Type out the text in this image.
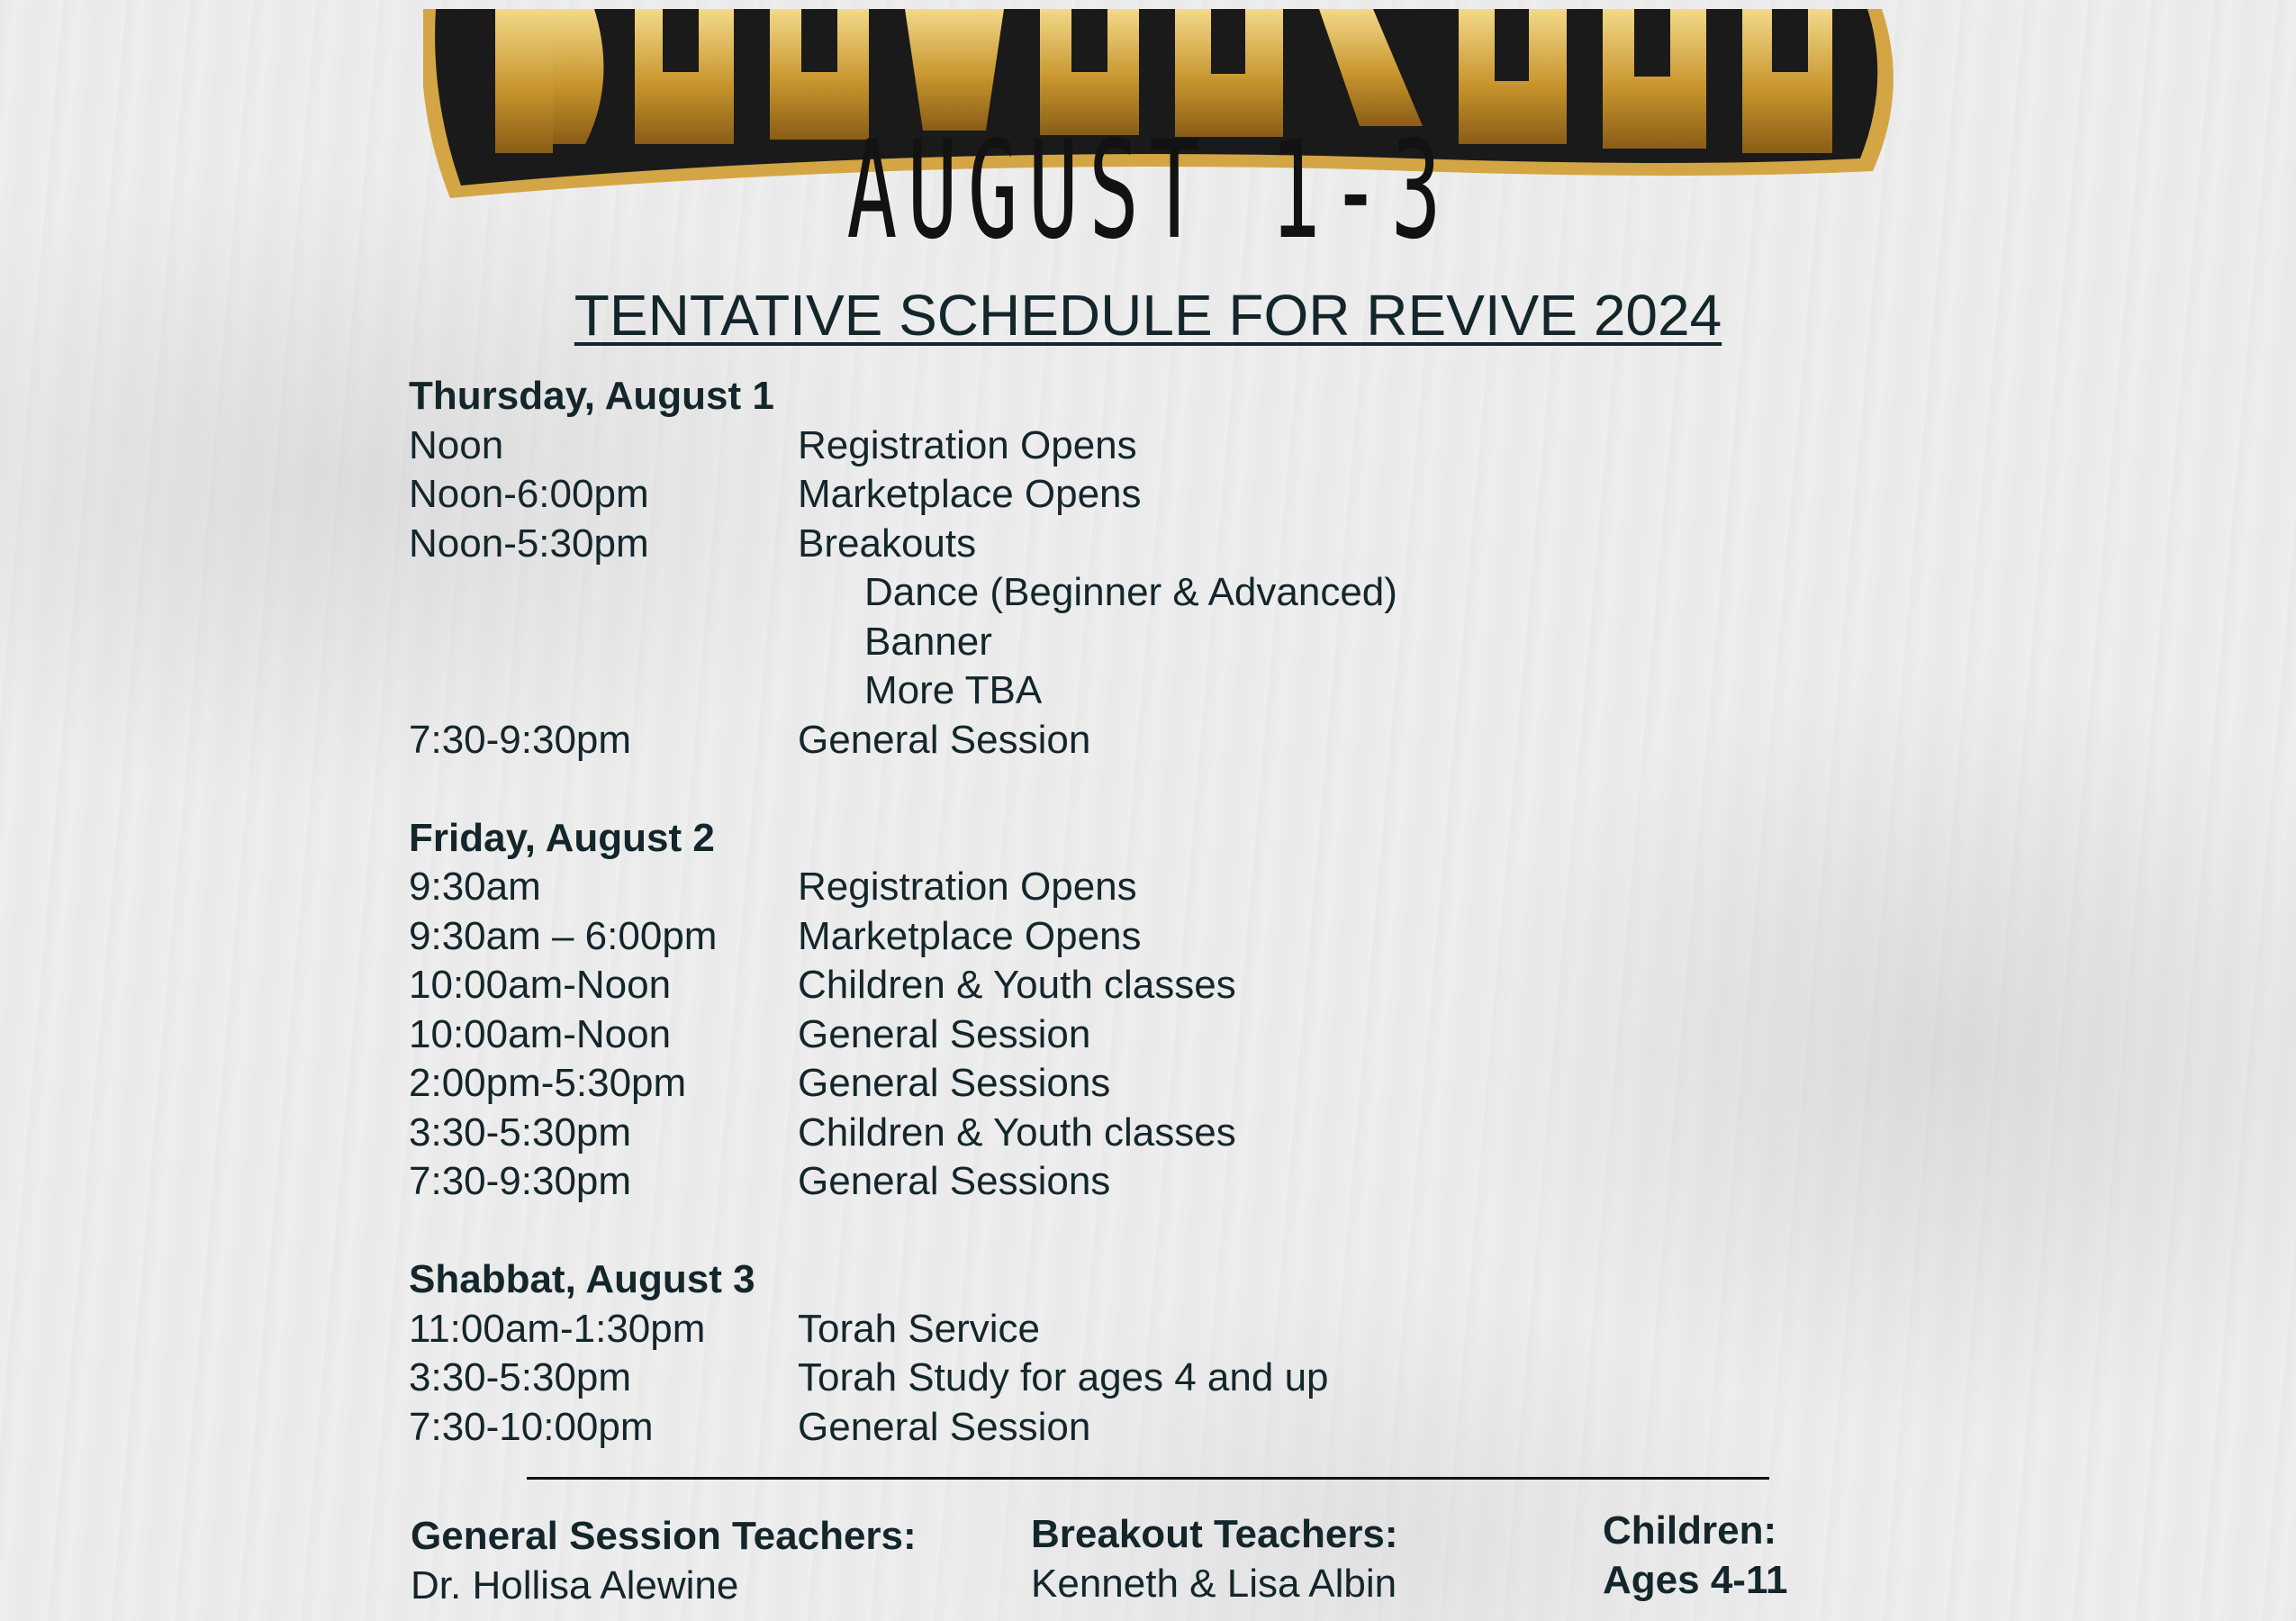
AUGUST 1-3
TENTATIVE SCHEDULE FOR REVIVE 2024
Thursday, August 1
Noon	Registration Opens
Noon-6:00pm	Marketplace Opens
Noon-5:30pm	Breakouts
Dance (Beginner & Advanced)
Banner
More TBA
7:30-9:30pm	General Session
Friday, August 2
9:30am	Registration Opens
9:30am – 6:00pm	Marketplace Opens
10:00am-Noon	Children & Youth classes
10:00am-Noon	General Session
2:00pm-5:30pm	General Sessions
3:30-5:30pm	Children & Youth classes
7:30-9:30pm	General Sessions
Shabbat, August 3
11:00am-1:30pm	Torah Service
3:30-5:30pm	Torah Study for ages 4 and up
7:30-10:00pm	General Session
General Session Teachers:
Dr. Hollisa Alewine
Breakout Teachers:
Kenneth & Lisa Albin
Children:
Ages 4-11
